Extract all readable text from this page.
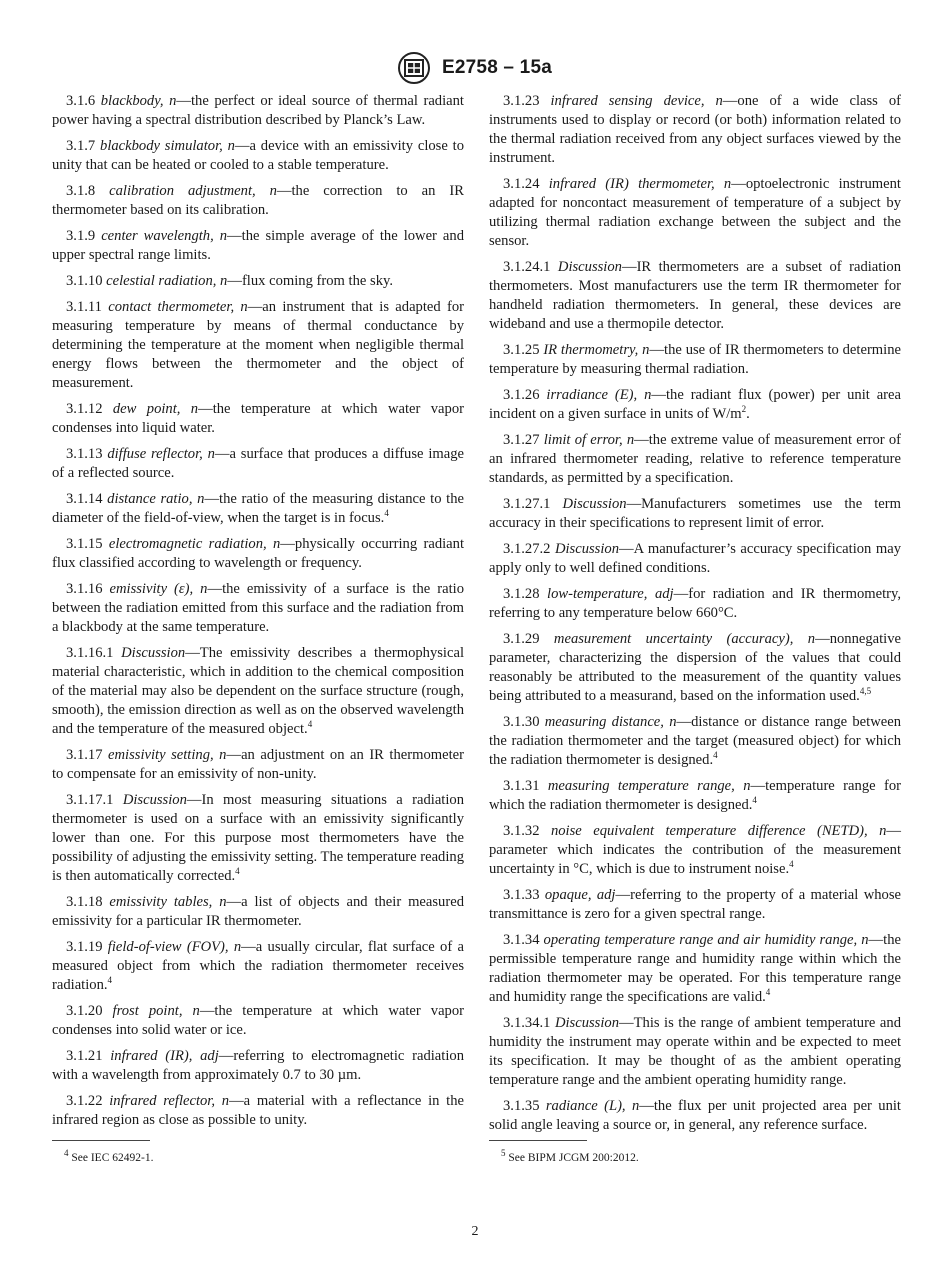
E2758 – 15a

3.1.6 blackbody, n—the perfect or ideal source of thermal radiant power having a spectral distribution described by Planck’s Law.

3.1.7 blackbody simulator, n—a device with an emissivity close to unity that can be heated or cooled to a stable temperature.

3.1.8 calibration adjustment, n—the correction to an IR thermometer based on its calibration.

3.1.9 center wavelength, n—the simple average of the lower and upper spectral range limits.

3.1.10 celestial radiation, n—flux coming from the sky.

3.1.11 contact thermometer, n—an instrument that is adapted for measuring temperature by means of thermal conductance by determining the temperature at the moment when negligible thermal energy flows between the thermometer and the object of measurement.

3.1.12 dew point, n—the temperature at which water vapor condenses into liquid water.

3.1.13 diffuse reflector, n—a surface that produces a diffuse image of a reflected source.

3.1.14 distance ratio, n—the ratio of the measuring distance to the diameter of the field-of-view, when the target is in focus.$^4$

3.1.15 electromagnetic radiation, n—physically occurring radiant flux classified according to wavelength or frequency.

3.1.16 emissivity (ε), n—the emissivity of a surface is the ratio between the radiation emitted from this surface and the radiation from a blackbody at the same temperature.

3.1.16.1 Discussion—The emissivity describes a thermophysical material characteristic, which in addition to the chemical composition of the material may also be dependent on the surface structure (rough, smooth), the emission direction as well as on the observed wavelength and the temperature of the measured object.$^4$

3.1.17 emissivity setting, n—an adjustment on an IR thermometer to compensate for an emissivity of non-unity.

3.1.17.1 Discussion—In most measuring situations a radiation thermometer is used on a surface with an emissivity significantly lower than one. For this purpose most thermometers have the possibility of adjusting the emissivity setting. The temperature reading is then automatically corrected.$^4$

3.1.18 emissivity tables, n—a list of objects and their measured emissivity for a particular IR thermometer.

3.1.19 field-of-view (FOV), n—a usually circular, flat surface of a measured object from which the radiation thermometer receives radiation.$^4$

3.1.20 frost point, n—the temperature at which water vapor condenses into solid water or ice.

3.1.21 infrared (IR), adj—referring to electromagnetic radiation with a wavelength from approximately 0.7 to 30 µm.

3.1.22 infrared reflector, n—a material with a reflectance in the infrared region as close as possible to unity.

3.1.23 infrared sensing device, n—one of a wide class of instruments used to display or record (or both) information related to the thermal radiation received from any object surfaces viewed by the instrument.

3.1.24 infrared (IR) thermometer, n—optoelectronic instrument adapted for noncontact measurement of temperature of a subject by utilizing thermal radiation exchange between the subject and the sensor.

3.1.24.1 Discussion—IR thermometers are a subset of radiation thermometers. Most manufacturers use the term IR thermometer for handheld radiation thermometers. In general, these devices are wideband and use a thermopile detector.

3.1.25 IR thermometry, n—the use of IR thermometers to determine temperature by measuring thermal radiation.

3.1.26 irradiance (E), n—the radiant flux (power) per unit area incident on a given surface in units of $W/m^2$.

3.1.27 limit of error, n—the extreme value of measurement error of an infrared thermometer reading, relative to reference temperature standards, as permitted by a specification.

3.1.27.1 Discussion—Manufacturers sometimes use the term accuracy in their specifications to represent limit of error.

3.1.27.2 Discussion—A manufacturer’s accuracy specification may apply only to well defined conditions.

3.1.28 low-temperature, adj—for radiation and IR thermometry, referring to any temperature below 660°C.

3.1.29 measurement uncertainty (accuracy), n—nonnegative parameter, characterizing the dispersion of the values that could reasonably be attributed to the measurement of the quantity values being attributed to a measurand, based on the information used.$^{4,5}$

3.1.30 measuring distance, n—distance or distance range between the radiation thermometer and the target (measured object) for which the radiation thermometer is designed.$^4$

3.1.31 measuring temperature range, n—temperature range for which the radiation thermometer is designed.$^4$

3.1.32 noise equivalent temperature difference (NETD), n—parameter which indicates the contribution of the measurement uncertainty in °C, which is due to instrument noise.$^4$

3.1.33 opaque, adj—referring to the property of a material whose transmittance is zero for a given spectral range.

3.1.34 operating temperature range and air humidity range, n—the permissible temperature range and humidity range within which the radiation thermometer may be operated. For this temperature range and humidity range the specifications are valid.$^4$

3.1.34.1 Discussion—This is the range of ambient temperature and humidity the instrument may operate within and be expected to meet its specification. It may be thought of as the ambient operating temperature range and the ambient operating humidity range.

3.1.35 radiance (L), n—the flux per unit projected area per unit solid angle leaving a source or, in general, any reference surface.

$^4$ See IEC 62492-1.	$^5$ See BIPM JCGM 200:2012.
2
